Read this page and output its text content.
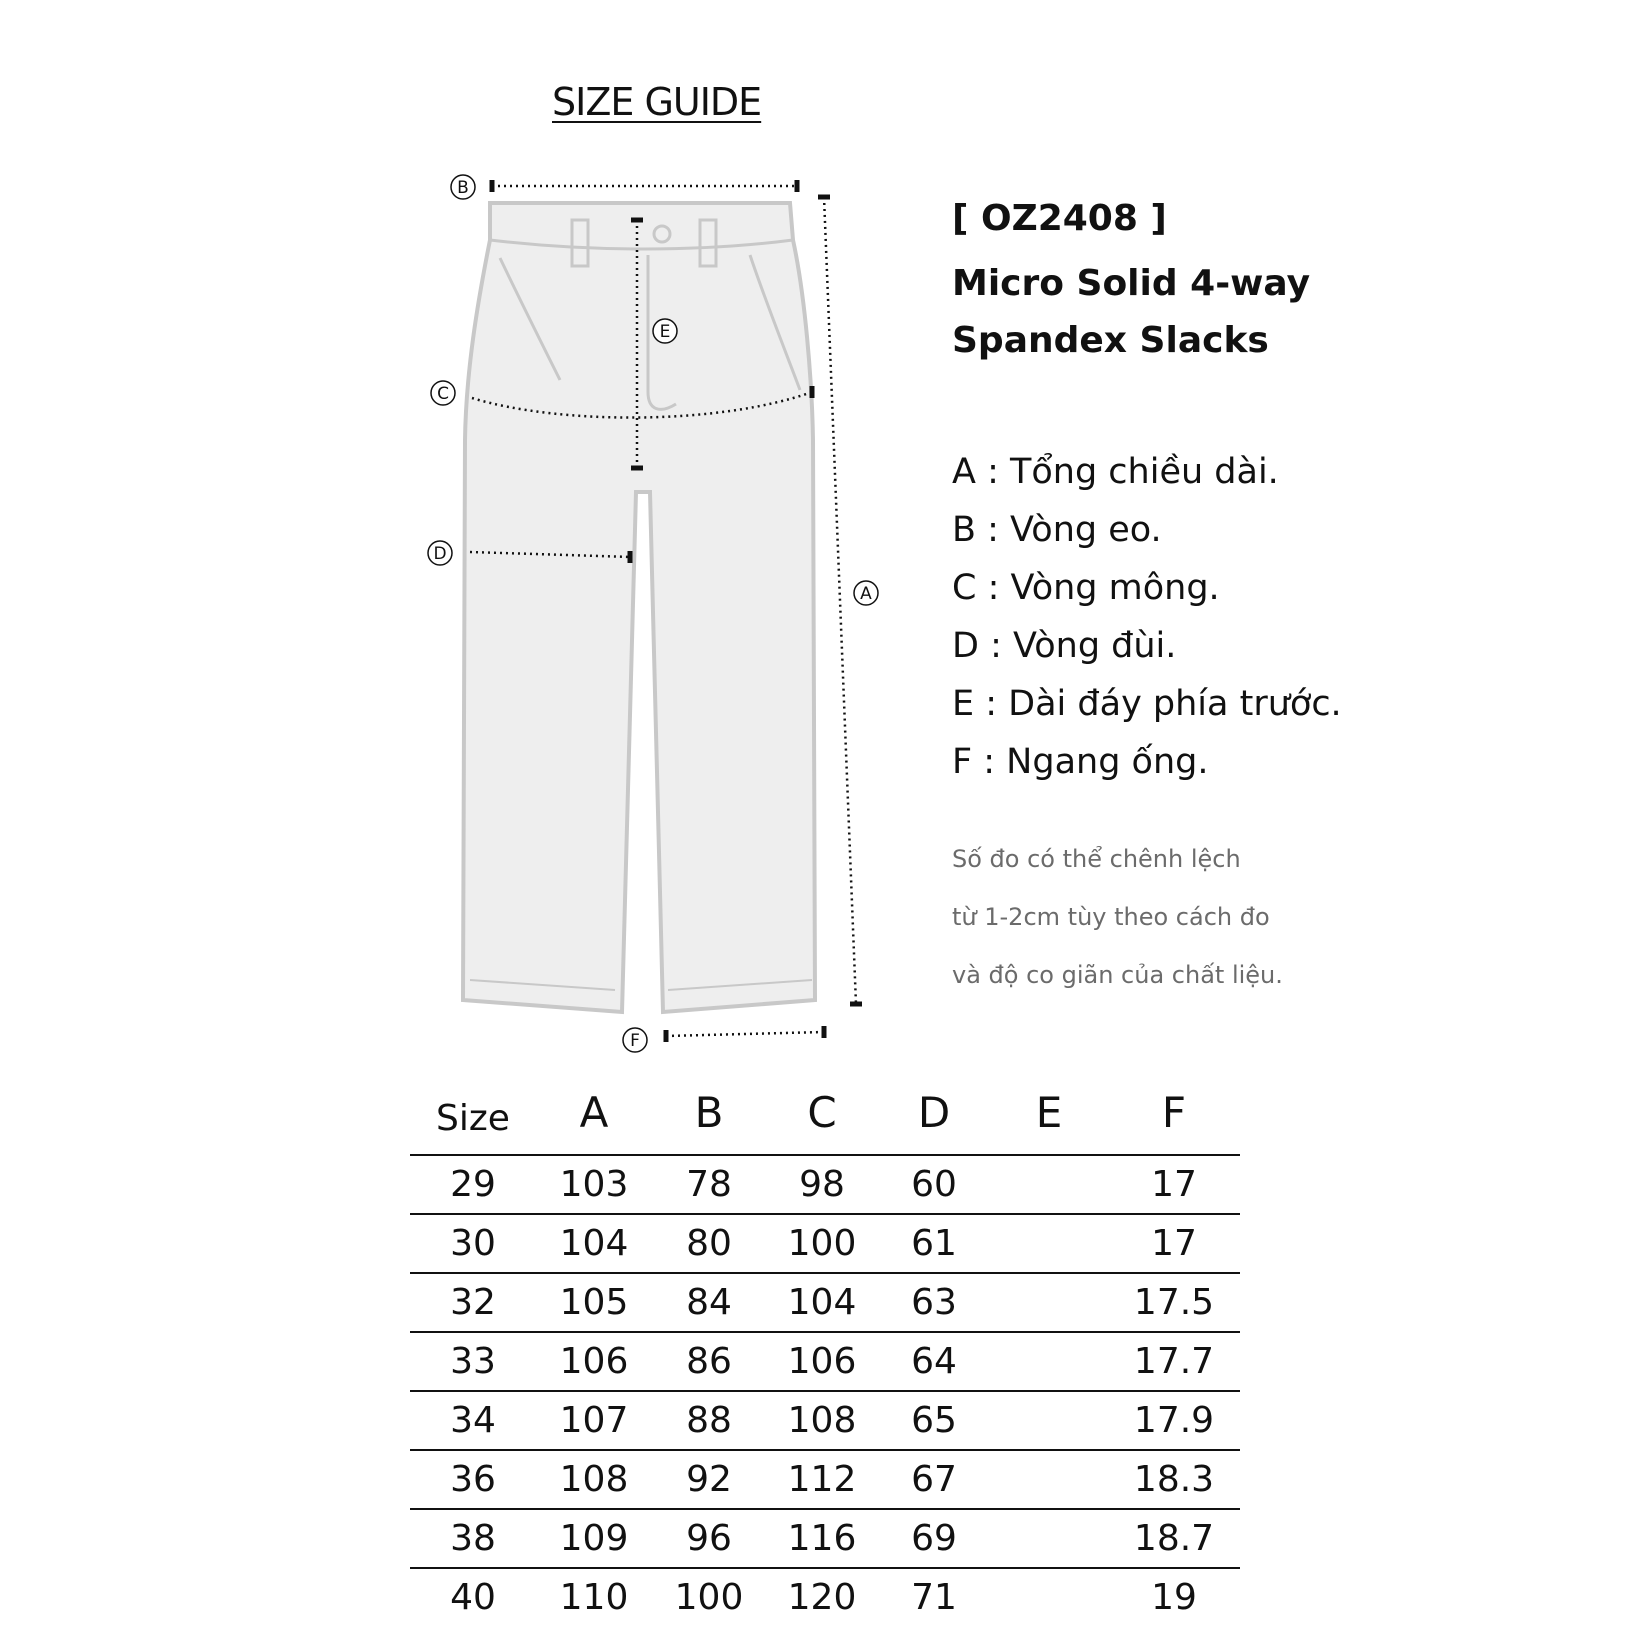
SIZE GUIDE
B
A
C
D
E
F
[ OZ2408 ]
Micro Solid 4-way
Spandex Slacks
A : Tổng chiều dài.
B : Vòng eo.
C : Vòng mông.
D : Vòng đùi.
E : Dài đáy phía trước.
F : Ngang ống.
Số đo có thể chênh lệch
từ 1-2cm tùy theo cách đo
và độ co giãn của chất liệu.
Size	A	B	C	D	E	F
29	103	78	98	60		17
30	104	80	100	61		17
32	105	84	104	63		17.5
33	106	86	106	64		17.7
34	107	88	108	65		17.9
36	108	92	112	67		18.3
38	109	96	116	69		18.7
40	110	100	120	71		19
